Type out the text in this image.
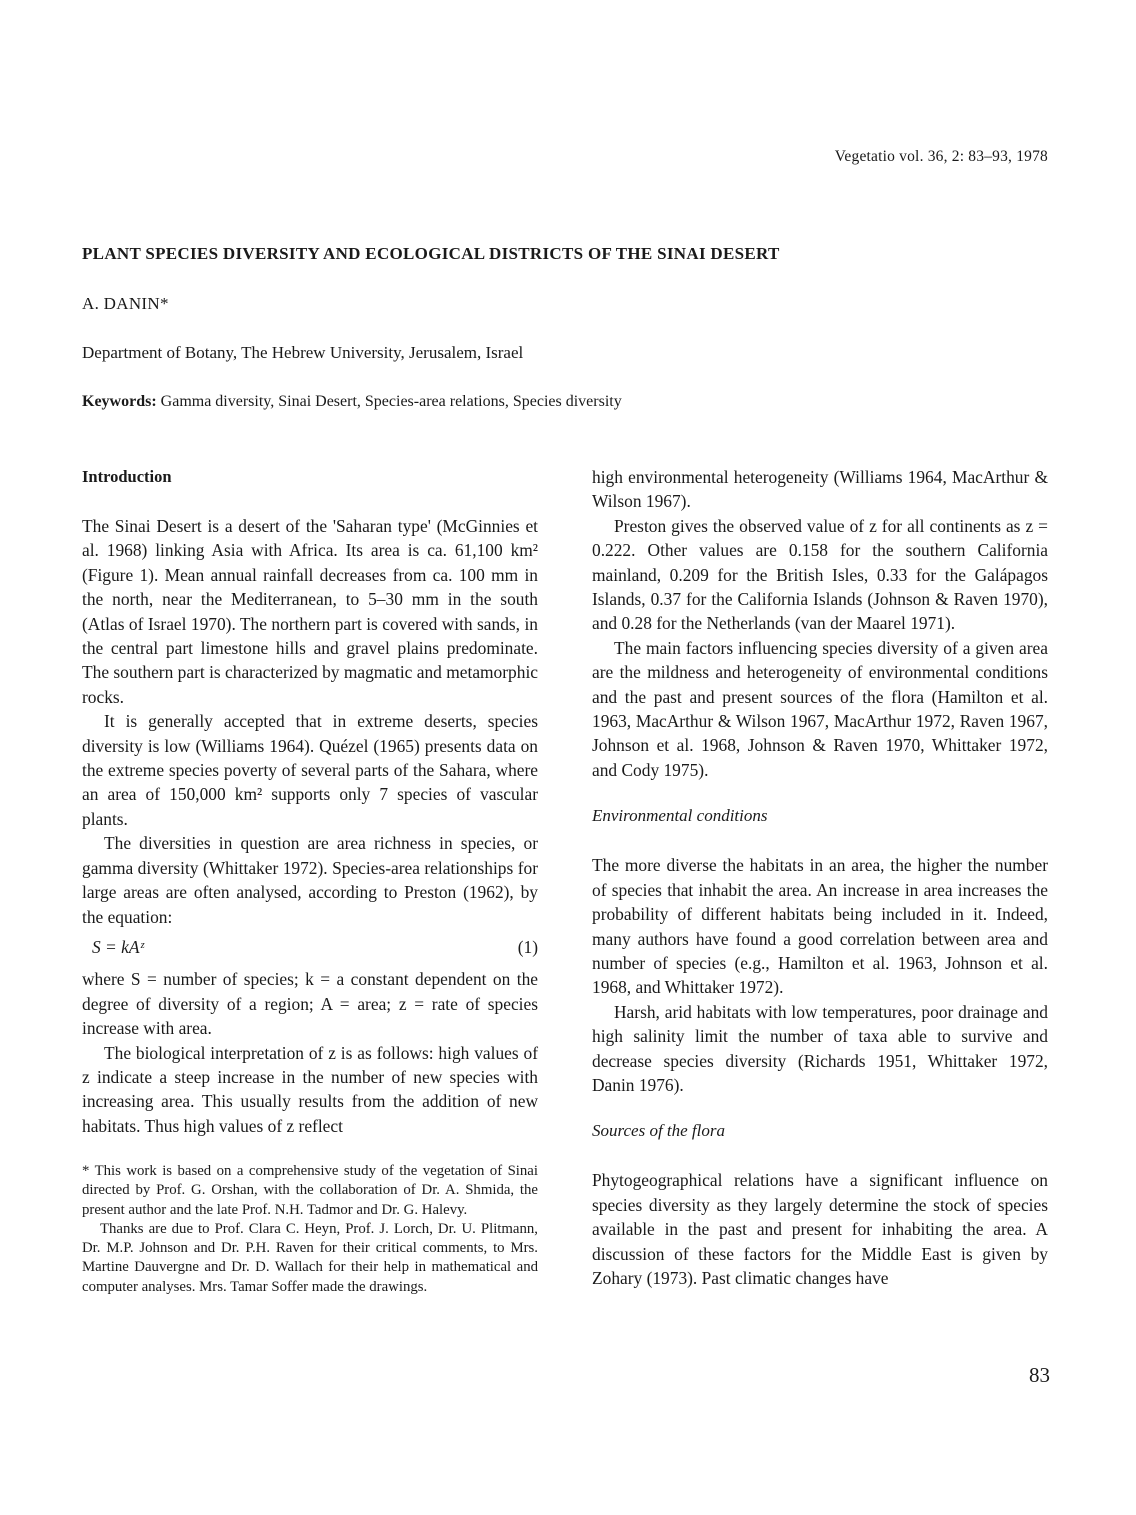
Vegetatio vol. 36, 2: 83–93, 1978
PLANT SPECIES DIVERSITY AND ECOLOGICAL DISTRICTS OF THE SINAI DESERT
A. DANIN*
Department of Botany, The Hebrew University, Jerusalem, Israel
Keywords: Gamma diversity, Sinai Desert, Species-area relations, Species diversity
Introduction

The Sinai Desert is a desert of the 'Saharan type' (McGinnies et al. 1968) linking Asia with Africa. Its area is ca. 61,100 km² (Figure 1). Mean annual rainfall decreases from ca. 100 mm in the north, near the Mediterranean, to 5–30 mm in the south (Atlas of Israel 1970). The northern part is covered with sands, in the central part limestone hills and gravel plains predominate. The southern part is characterized by magmatic and metamorphic rocks.

It is generally accepted that in extreme deserts, species diversity is low (Williams 1964). Quézel (1965) presents data on the extreme species poverty of several parts of the Sahara, where an area of 150,000 km² supports only 7 species of vascular plants.

The diversities in question are area richness in species, or gamma diversity (Whittaker 1972). Species-area relationships for large areas are often analysed, according to Preston (1962), by the equation:

S = kAᶻ	(1)

where S = number of species; k = a constant dependent on the degree of diversity of a region; A = area; z = rate of species increase with area.

The biological interpretation of z is as follows: high values of z indicate a steep increase in the number of new species with increasing area. This usually results from the addition of new habitats. Thus high values of z reflect

* This work is based on a comprehensive study of the vegetation of Sinai directed by Prof. G. Orshan, with the collaboration of Dr. A. Shmida, the present author and the late Prof. N.H. Tadmor and Dr. G. Halevy.

Thanks are due to Prof. Clara C. Heyn, Prof. J. Lorch, Dr. U. Plitmann, Dr. M.P. Johnson and Dr. P.H. Raven for their critical comments, to Mrs. Martine Dauvergne and Dr. D. Wallach for their help in mathematical and computer analyses. Mrs. Tamar Soffer made the drawings.

high environmental heterogeneity (Williams 1964, MacArthur & Wilson 1967).

Preston gives the observed value of z for all continents as z = 0.222. Other values are 0.158 for the southern California mainland, 0.209 for the British Isles, 0.33 for the Galápagos Islands, 0.37 for the California Islands (Johnson & Raven 1970), and 0.28 for the Netherlands (van der Maarel 1971).

The main factors influencing species diversity of a given area are the mildness and heterogeneity of environmental conditions and the past and present sources of the flora (Hamilton et al. 1963, MacArthur & Wilson 1967, MacArthur 1972, Raven 1967, Johnson et al. 1968, Johnson & Raven 1970, Whittaker 1972, and Cody 1975).

Environmental conditions

The more diverse the habitats in an area, the higher the number of species that inhabit the area. An increase in area increases the probability of different habitats being included in it. Indeed, many authors have found a good correlation between area and number of species (e.g., Hamilton et al. 1963, Johnson et al. 1968, and Whittaker 1972).

Harsh, arid habitats with low temperatures, poor drainage and high salinity limit the number of taxa able to survive and decrease species diversity (Richards 1951, Whittaker 1972, Danin 1976).

Sources of the flora

Phytogeographical relations have a significant influence on species diversity as they largely determine the stock of species available in the past and present for inhabiting the area. A discussion of these factors for the Middle East is given by Zohary (1973). Past climatic changes have

83
